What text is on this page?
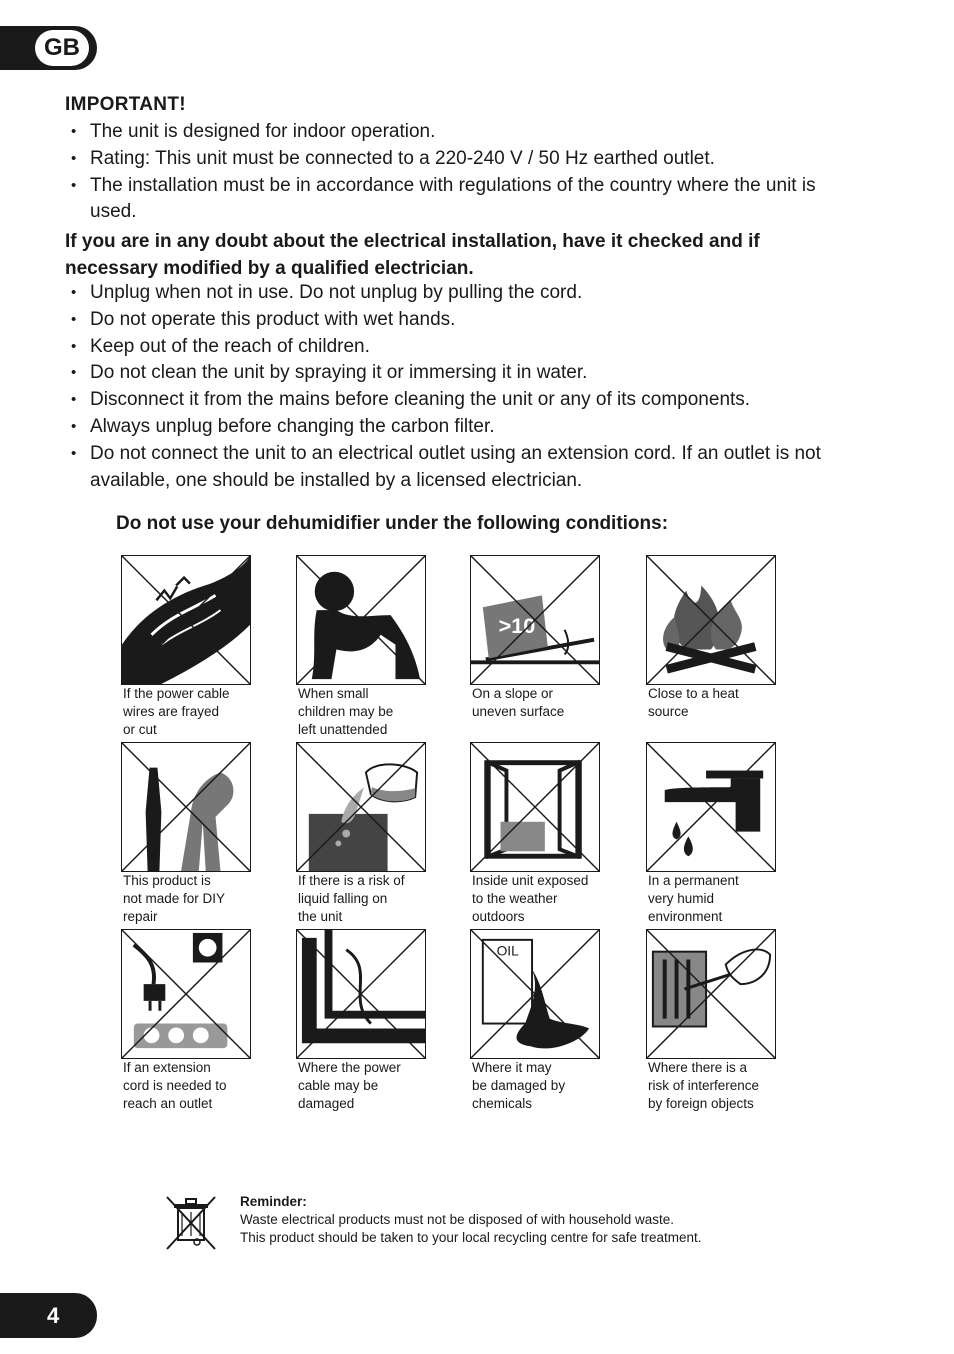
GB
IMPORTANT!
• The unit is designed for indoor operation.
• Rating: This unit must be connected to a 220-240 V / 50 Hz earthed outlet.
• The installation must be in accordance with regulations of the country where the unit is used.
If you are in any doubt about the electrical installation, have it checked and if necessary modified by a qualified electrician.
• Unplug when not in use. Do not unplug by pulling the cord.
• Do not operate this product with wet hands.
• Keep out of the reach of children.
• Do not clean the unit by spraying it or immersing it in water.
• Disconnect it from the mains before cleaning the unit or any of its components.
• Always unplug before changing the carbon filter.
• Do not connect the unit to an electrical outlet using an extension cord. If an outlet is not available, one should be installed by a licensed electrician.
Do not use your dehumidifier under the following conditions:
If the power cable
wires are frayed
or cut
When small
children may be
left unattended
>10
On a slope or
uneven surface
Close to a heat
source
This product is
not made for DIY
repair
If there is a risk of
liquid falling on
the unit
Inside unit exposed
to the weather
outdoors
In a permanent
very humid
environment
If an extension
cord is needed to
reach an outlet
Where the power
cable may be
damaged
OIL
Where it may
be damaged by
chemicals
Where there is a
risk of interference
by foreign objects
Reminder:
Waste electrical products must not be disposed of with household waste.
This product should be taken to your local recycling centre for safe treatment.
4
